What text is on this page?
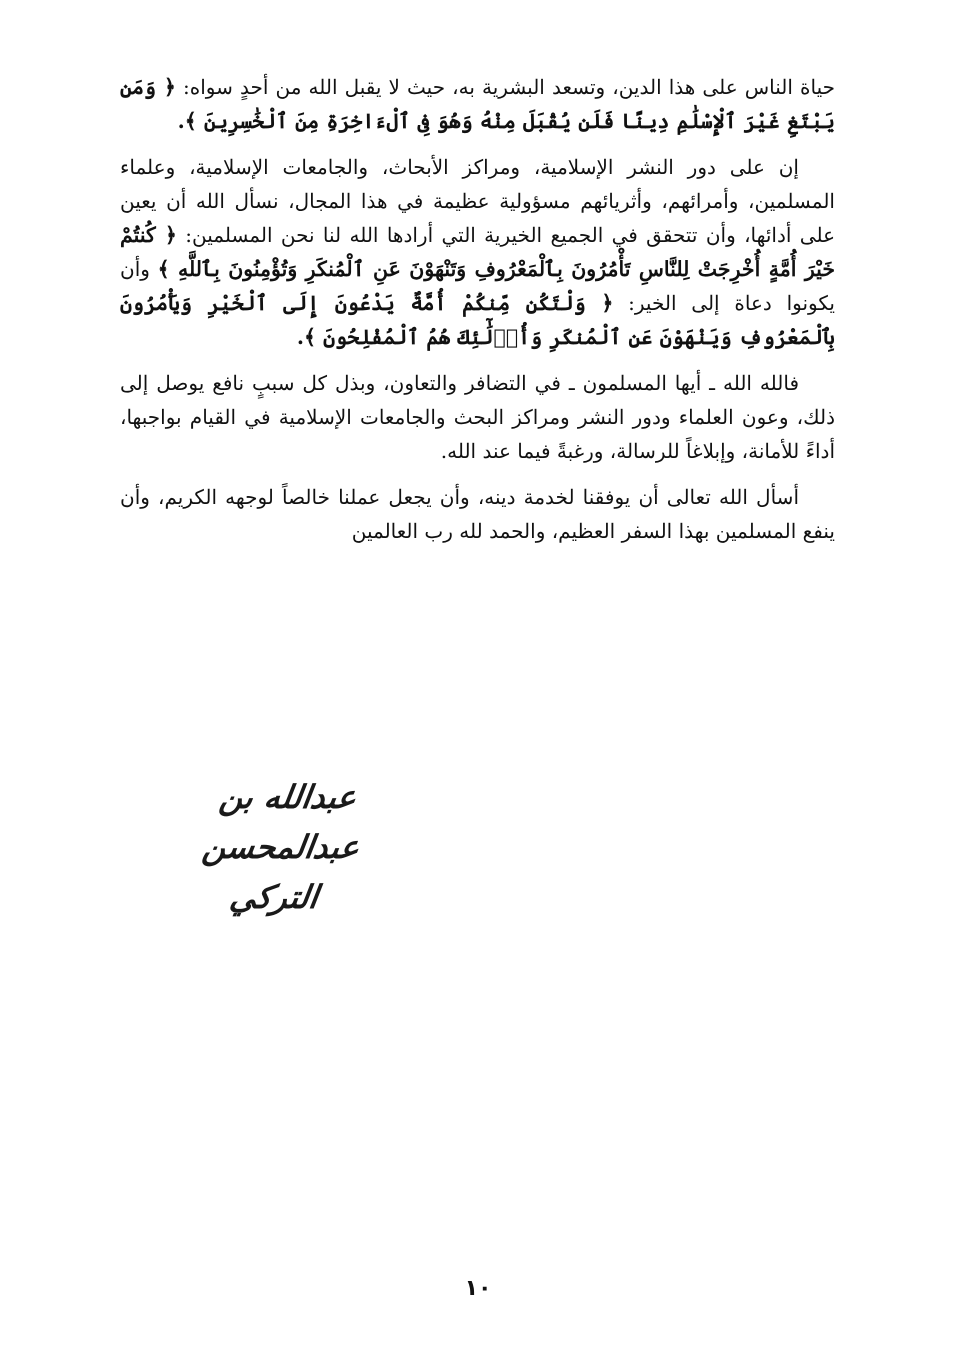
حياة الناس على هذا الدين، وتسعد البشرية به، حيث لا يقبل الله من أحدٍ سواه: ﴿ وَمَن يَبْتَغِ غَيْرَ ٱلْإِسْلَٰمِ دِينًا فَلَن يُقْبَلَ مِنْهُ وَهُوَ فِى ٱلْءَاخِرَةِ مِنَ ٱلْخَٰسِرِينَ ﴾.

إن على دور النشر الإسلامية، ومراكز الأبحاث، والجامعات الإسلامية، وعلماء المسلمين، وأمرائهم، وأثريائهم مسؤولية عظيمة في هذا المجال، نسأل الله أن يعين على أدائها، وأن تتحقق في الجميع الخيرية التي أرادها الله لنا نحن المسلمين: ﴿ كُنتُمْ خَيْرَ أُمَّةٍ أُخْرِجَتْ لِلنَّاسِ تَأْمُرُونَ بِٱلْمَعْرُوفِ وَتَنْهَوْنَ عَنِ ٱلْمُنكَرِ وَتُؤْمِنُونَ بِٱللَّهِ ﴾ وأن يكونوا دعاة إلى الخير: ﴿ وَلْتَكُن مِّنكُمْ أُمَّةٌ يَدْعُونَ إِلَى ٱلْخَيْرِ وَيَأْمُرُونَ بِٱلْمَعْرُوفِ وَيَنْهَوْنَ عَنِ ٱلْمُنكَرِ وَأُو۟لَٰٓئِكَ هُمُ ٱلْمُفْلِحُونَ ﴾.

فالله الله ـ أيها المسلمون ـ في التضافر والتعاون، وبذل كل سببٍ نافع يوصل إلى ذلك، وعون العلماء ودور النشر ومراكز البحث والجامعات الإسلامية في القيام بواجبها، أداءً للأمانة، وإبلاغاً للرسالة، ورغبةً فيما عند الله.

أسأل الله تعالى أن يوفقنا لخدمة دينه، وأن يجعل عملنا خالصاً لوجهه الكريم، وأن ينفع المسلمين بهذا السفر العظيم، والحمد لله رب العالمين

عبدالله بن عبدالمحسن التركي
١٠
